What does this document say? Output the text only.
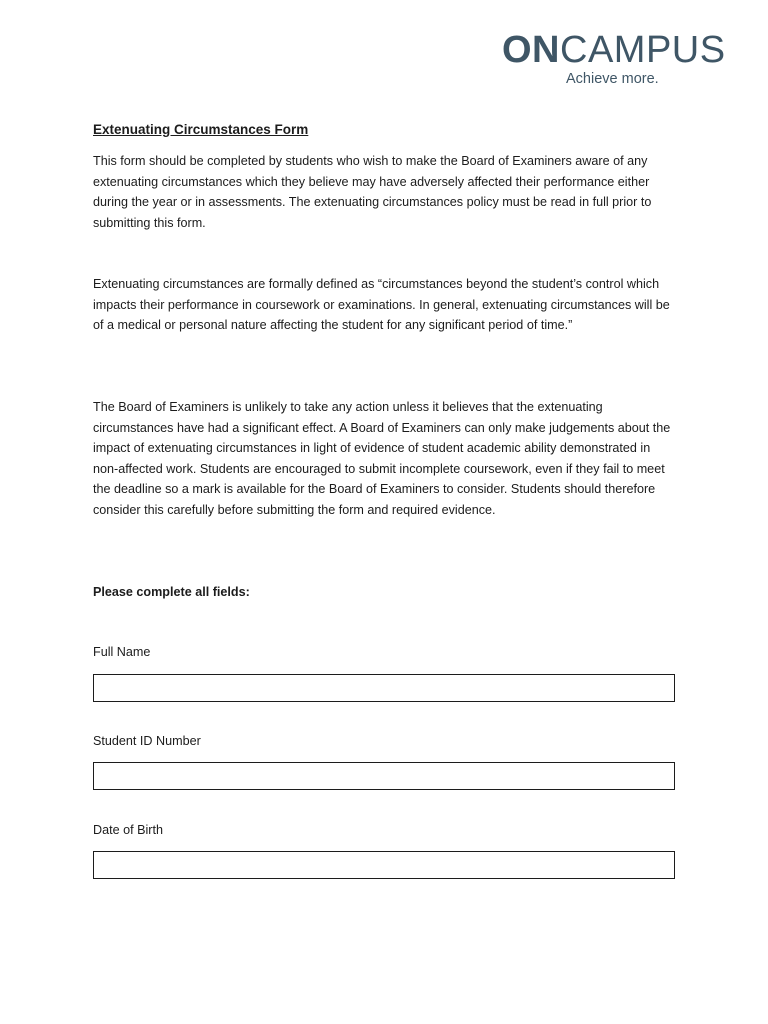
ONCAMPUS
Achieve more.
Extenuating Circumstances Form

This form should be completed by students who wish to make the Board of Examiners aware of any extenuating circumstances which they believe may have adversely affected their performance either during the year or in assessments. The extenuating circumstances policy must be read in full prior to submitting this form.

Extenuating circumstances are formally defined as “circumstances beyond the student’s control which impacts their performance in coursework or examinations. In general, extenuating circumstances will be of a medical or personal nature affecting the student for any significant period of time.”

The Board of Examiners is unlikely to take any action unless it believes that the extenuating circumstances have had a significant effect. A Board of Examiners can only make judgements about the impact of extenuating circumstances in light of evidence of student academic ability demonstrated in non-affected work. Students are encouraged to submit incomplete coursework, even if they fail to meet the deadline so a mark is available for the Board of Examiners to consider. Students should therefore consider this carefully before submitting the form and required evidence.

Please complete all fields:

Full Name
Student ID Number
Date of Birth
